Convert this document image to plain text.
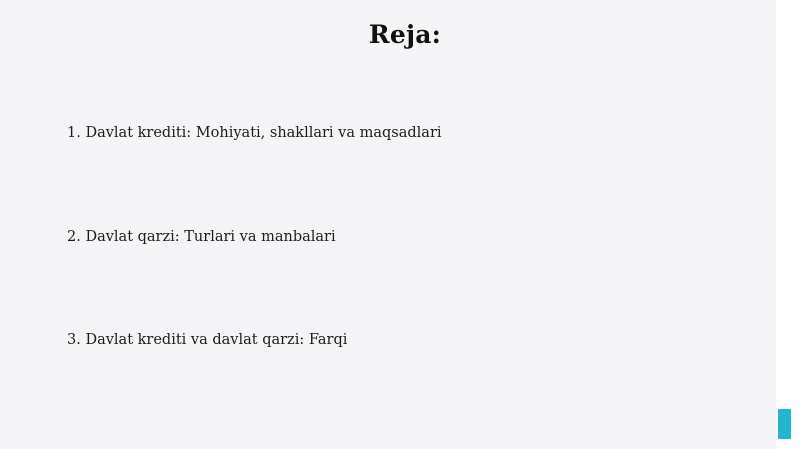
Reja:
1. Davlat krediti: Mohiyati, shakllari va maqsadlari
2. Davlat qarzi: Turlari va manbalari
3. Davlat krediti va davlat qarzi: Farqi
